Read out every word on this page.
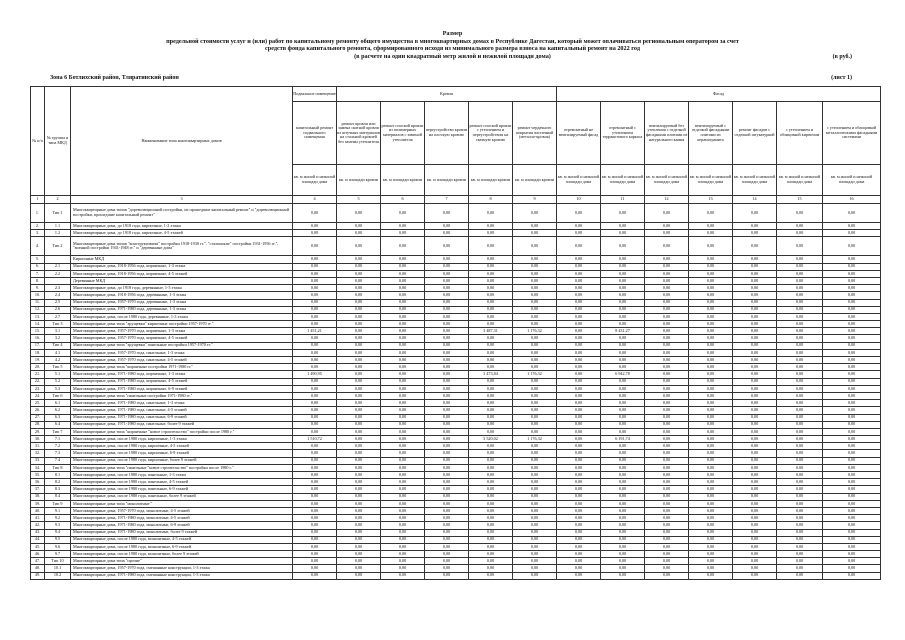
Размер
предельной стоимости услуг и (или) работ по капитальному ремонту общего имущества в многоквартирных домах в Республике Дагестан, который может оплачиваться региональным оператором за счет
средств фонда капитального ремонта, сформированного исходя из минимального размера взноса на капитальный ремонт на 2022 год
(в расчете на один квадратный метр жилой и нежилой площади дома)	(в руб.)
Зона 6 Ботлихский район, Тляратинский район	(лист 1)
№ п/п	№ группы и типа МКД	Наименование типа многоквартирных домов	Подвальное помещение	Кровля					Фасад						
			капитальный ремонт подвального помещения	ремонт кровли или замена скатной кровли из штучных материалов на стальной кровлей без замены утеплителя	ремонт плоской кровли из полимерных материалов с заменой утеплителя	переустройство кровли на плоскую кровлю	ремонт плоской кровли с утеплением и переустройством на скатную кровлю	ремонт чердачного покрытия частичный (металло-кровля)	отремонтный не вентилируемый фасад	отремонтный с утеплением терракотового каркаса	вентилируемый без утепления с отделкой фасадными плитами из натурального камня	вентилируемый с отделкой фасадными плитами из керамогранита	ремонт фасадов с отделкой штукатуркой	с утеплением и облицовкой кирпичом	с утеплением и облицовкой металлическими фасадными системами
			кв. м жилой и нежилой площади дома	кв. м площади кровли	кв. м площади кровли	кв. м площади кровли	кв. м площади кровли	кв. м площади кровли	кв. м жилой и нежилой площади дома	кв. м жилой и нежилой площади дома	кв. м жилой и нежилой площади дома	кв. м жилой и нежилой площади дома	кв. м жилой и нежилой площади дома	кв. м жилой и нежилой площади дома	кв. м жилой и нежилой площади дома
1	2	3	4	5	6	7	8	9	10	11	12	13	14	15	16
1.	Тип 1	Многоквартирные дома типов "дореволюционной постройки, не прошедшие капитальный ремонт" и "дореволюционной постройки, прошедшие капитальный ремонт"	0,00	0,00	0,00	0,00	0,00	0,00	0,00	0,00	0,00	0,00	0,00	0,00	0,00
2.	1.1	Многоквартирные дома, до 1918 года, кирпичные, 1-2 этажа	0,00	0,00	0,00	0,00	0,00	0,00	0,00	0,00	0,00	0,00	0,00	0,00	0,00
3.	1.2	Многоквартирные дома, до 1918 года, кирпичные, 4-5 этажей	0,00	0,00	0,00	0,00	0,00	0,00	0,00	0,00	0,00	0,00	0,00	0,00	0,00
4.	Тип 2	Многоквартирные дома типов "конструктивизм" постройки 1918-1930 гг.", "сталинские" постройки 1931-1956 гг.", "военной постройки 1941-1948 гг." и "деревянные дома"	0,00	0,00	0,00	0,00	0,00	0,00	0,00	0,00	0,00	0,00	0,00	0,00	0,00
5.		Кирпичные МКД	0,00	0,00	0,00	0,00	0,00	0,00	0,00	0,00	0,00	0,00	0,00	0,00	0,00
6.	2.1	Многоквартирные дома, 1918-1956 года, кирпичные, 1-3 этажа	0,00	0,00	0,00	0,00	0,00	0,00	0,00	0,00	0,00	0,00	0,00	0,00	0,00
7.	2.2	Многоквартирные дома, 1918-1956 года, кирпичные, 4-5 этажей	0,00	0,00	0,00	0,00	0,00	0,00	0,00	0,00	0,00	0,00	0,00	0,00	0,00
8.		Деревянные МКД	0,00	0,00	0,00	0,00	0,00	0,00	0,00	0,00	0,00	0,00	0,00	0,00	0,00
9.	2.3	Многоквартирные дома, до 1918 года, деревянные, 1-3 этажа	0,00	0,00	0,00	0,00	0,00	0,00	0,00	0,00	0,00	0,00	0,00	0,00	0,00
10.	2.4	Многоквартирные дома, 1918-1956 года, деревянные, 1-3 этажа	0,00	0,00	0,00	0,00	0,00	0,00	0,00	0,00	0,00	0,00	0,00	0,00	0,00
11.	2.5	Многоквартирные дома, 1957-1970 года, деревянные, 1-3 этажа	0,00	0,00	0,00	0,00	0,00	0,00	0,00	0,00	0,00	0,00	0,00	0,00	0,00
12.	2.6	Многоквартирные дома, 1971-1980 года, деревянные, 1-3 этажа	0,00	0,00	0,00	0,00	0,00	0,00	0,00	0,00	0,00	0,00	0,00	0,00	0,00
13.	2.7	Многоквартирные дома, после 1980 года, деревянные, 1-3 этажа	0,00	0,00	0,00	0,00	0,00	0,00	0,00	0,00	0,00	0,00	0,00	0,00	0,00
14.	Тип 3	Многоквартирные дома типа "хрущевки" кирпичные постройки 1957-1970 гг."	0,00	0,00	0,00	0,00	0,00	0,00	0,00	0,00	0,00	0,00	0,00	0,00	0,00
15.	3.1	Многоквартирные дома, 1957-1970 года, кирпичные, 1-3 этажа	1 451,21	0,00	0,00	0,00	3 487,31	1 176,32	0,00	8 431,27	0,00	0,00	0,00	0,00	0,00
16.	3.2	Многоквартирные дома, 1957-1970 года, кирпичные, 4-5 этажей	0,00	0,00	0,00	0,00	0,00	0,00	0,00	0,00	0,00	0,00	0,00	0,00	0,00
17.	Тип 4	Многоквартирные дома типа "хрущевки" панельные постройки 1957-1970 гг."	0,00	0,00	0,00	0,00	0,00	0,00	0,00	0,00	0,00	0,00	0,00	0,00	0,00
18.	4.1	Многоквартирные дома, 1957-1970 года, панельные, 1-3 этажа	0,00	0,00	0,00	0,00	0,00	0,00	0,00	0,00	0,00	0,00	0,00	0,00	0,00
19.	4.2	Многоквартирные дома, 1957-1970 года, панельные, 4-5 этажей	0,00	0,00	0,00	0,00	0,00	0,00	0,00	0,00	0,00	0,00	0,00	0,00	0,00
20.	Тип 5	Многоквартирные дома типа "кирпичные постройки 1971-1980 гг."	0,00	0,00	0,00	0,00	0,00	0,00	0,00	0,00	0,00	0,00	0,00	0,00	0,00
21.	5.1	Многоквартирные дома, 1971-1980 года, кирпичные, 1-3 этажа	1 490,95	0,00	0,00	0,00	3 473,84	1 176,32	0,00	6 942,78	0,00	0,00	0,00	0,00	0,00
22.	5.2	Многоквартирные дома, 1971-1980 года, кирпичные, 4-5 этажей	0,00	0,00	0,00	0,00	0,00	0,00	0,00	0,00	0,00	0,00	0,00	0,00	0,00
23.	5.3	Многоквартирные дома, 1971-1980 года, кирпичные, 6-9 этажей	0,00	0,00	0,00	0,00	0,00	0,00	0,00	0,00	0,00	0,00	0,00	0,00	0,00
24.	Тип 6	Многоквартирные дома типа "панельные постройки 1971-1980 гг."	0,00	0,00	0,00	0,00	0,00	0,00	0,00	0,00	0,00	0,00	0,00	0,00	0,00
25.	6.1	Многоквартирные дома, 1971-1980 года, панельные, 1-3 этажа	0,00	0,00	0,00	0,00	0,00	0,00	0,00	0,00	0,00	0,00	0,00	0,00	0,00
26.	6.2	Многоквартирные дома, 1971-1980 года, панельные, 4-5 этажей	0,00	0,00	0,00	0,00	0,00	0,00	0,00	0,00	0,00	0,00	0,00	0,00	0,00
27.	6.3	Многоквартирные дома, 1971-1980 года, панельные, 6-9 этажей	0,00	0,00	0,00	0,00	0,00	0,00	0,00	0,00	0,00	0,00	0,00	0,00	0,00
28.	6.4	Многоквартирные дома, 1971-1980 года, панельные, более 9 этажей	0,00	0,00	0,00	0,00	0,00	0,00	0,00	0,00	0,00	0,00	0,00	0,00	0,00
29.	Тип 7	Многоквартирные дома типа "кирпичные "новое строительство" постройки после 1980 г."	0,00	0,00	0,00	0,00	0,00	0,00	0,00	0,00	0,00	0,00	0,00	0,00	0,00
30.	7.1	Многоквартирные дома, после 1980 года, кирпичные, 1-3 этажа	1 510,72	0,00	0,00	0,00	3 520,02	1 176,32	0,00	6 191,74	0,00	0,00	0,00	0,00	0,00
31.	7.2	Многоквартирные дома, после 1980 года, кирпичные, 4-5 этажей	0,00	0,00	0,00	0,00	0,00	0,00	0,00	0,00	0,00	0,00	0,00	0,00	0,00
32.	7.3	Многоквартирные дома, после 1980 года, кирпичные, 6-9 этажей	0,00	0,00	0,00	0,00	0,00	0,00	0,00	0,00	0,00	0,00	0,00	0,00	0,00
33.	7.4	Многоквартирные дома, после 1980 года, кирпичные, более 9 этажей	0,00	0,00	0,00	0,00	0,00	0,00	0,00	0,00	0,00	0,00	0,00	0,00	0,00
34.	Тип 8	Многоквартирные дома типа "панельные "новое строительство" постройки после 1980 г."	0,00	0,00	0,00	0,00	0,00	0,00	0,00	0,00	0,00	0,00	0,00	0,00	0,00
35.	8.1	Многоквартирные дома, после 1980 года, панельные, 1-3 этажа	0,00	0,00	0,00	0,00	0,00	0,00	0,00	0,00	0,00	0,00	0,00	0,00	0,00
36.	8.2	Многоквартирные дома, после 1980 года, панельные, 4-5 этажей	0,00	0,00	0,00	0,00	0,00	0,00	0,00	0,00	0,00	0,00	0,00	0,00	0,00
37.	8.3	Многоквартирные дома, после 1980 года, панельные, 6-9 этажей	0,00	0,00	0,00	0,00	0,00	0,00	0,00	0,00	0,00	0,00	0,00	0,00	0,00
38.	8.4	Многоквартирные дома, после 1980 года, панельные, более 9 этажей	0,00	0,00	0,00	0,00	0,00	0,00	0,00	0,00	0,00	0,00	0,00	0,00	0,00
39.	Тип 9	Многоквартирные дома типа "монолитные "	0,00	0,00	0,00	0,00	0,00	0,00	0,00	0,00	0,00	0,00	0,00	0,00	0,00
40.	9.1	Многоквартирные дома, 1957-1970 года, монолитные, 4-5 этажей	0,00	0,00	0,00	0,00	0,00	0,00	0,00	0,00	0,00	0,00	0,00	0,00	0,00
41.	9.2	Многоквартирные дома, 1971-1980 года, монолитные, 4-5 этажей	0,00	0,00	0,00	0,00	0,00	0,00	0,00	0,00	0,00	0,00	0,00	0,00	0,00
42.	9.3	Многоквартирные дома, 1971-1980 года, монолитные, 6-9 этажей	0,00	0,00	0,00	0,00	0,00	0,00	0,00	0,00	0,00	0,00	0,00	0,00	0,00
43.	9.4	Многоквартирные дома, 1971-1980 года, монолитные, более 9 этажей	0,00	0,00	0,00	0,00	0,00	0,00	0,00	0,00	0,00	0,00	0,00	0,00	0,00
44.	9.5	Многоквартирные дома, после 1980 года, монолитные, 4-5 этажей	0,00	0,00	0,00	0,00	0,00	0,00	0,00	0,00	0,00	0,00	0,00	0,00	0,00
45.	9.6	Многоквартирные дома, после 1980 года, монолитные, 6-9 этажей	0,00	0,00	0,00	0,00	0,00	0,00	0,00	0,00	0,00	0,00	0,00	0,00	0,00
46.	9.7	Многоквартирные дома, после 1980 года, монолитные, более 9 этажей	0,00	0,00	0,00	0,00	0,00	0,00	0,00	0,00	0,00	0,00	0,00	0,00	0,00
47.	Тип 10	Многоквартирные дома типа "прочие"	0,00	0,00	0,00	0,00	0,00	0,00	0,00	0,00	0,00	0,00	0,00	0,00	0,00
48.	10.1	Многоквартирные дома, 1957-1970 года, смешанные конструкции, 1-3 этажа	0,00	0,00	0,00	0,00	0,00	0,00	0,00	0,00	0,00	0,00	0,00	0,00	0,00
49.	10.2	Многоквартирные дома, 1971-1980 года, смешанные конструкции, 1-3 этажа	0,00	0,00	0,00	0,00	0,00	0,00	0,00	0,00	0,00	0,00	0,00	0,00	0,00
